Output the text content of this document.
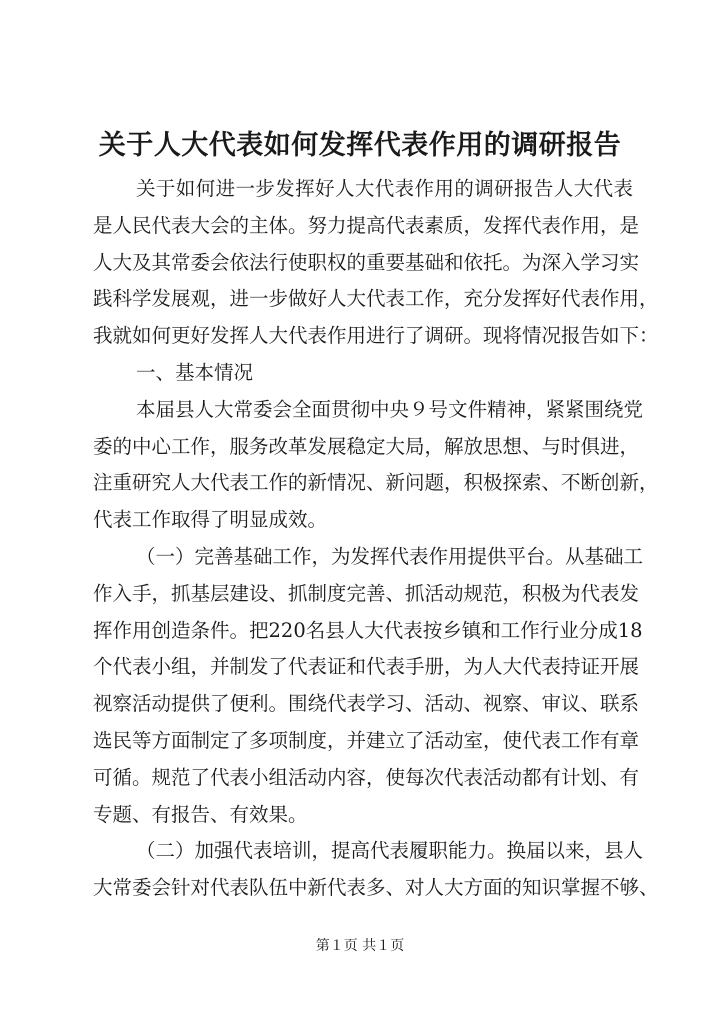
关于人大代表如何发挥代表作用的调研报告
关于如何进一步发挥好人大代表作用的调研报告人大代表
是人民代表大会的主体。努力提高代表素质，发挥代表作用，是
人大及其常委会依法行使职权的重要基础和依托。为深入学习实
践科学发展观，进一步做好人大代表工作，充分发挥好代表作用，
我就如何更好发挥人大代表作用进行了调研。现将情况报告如下：
一、基本情况
本届县人大常委会全面贯彻中央９号文件精神，紧紧围绕党
委的中心工作，服务改革发展稳定大局，解放思想、与时俱进，
注重研究人大代表工作的新情况、新问题，积极探索、不断创新，
代表工作取得了明显成效。
（一）完善基础工作，为发挥代表作用提供平台。从基础工
作入手，抓基层建设、抓制度完善、抓活动规范，积极为代表发
挥作用创造条件。把220名县人大代表按乡镇和工作行业分成18
个代表小组，并制发了代表证和代表手册，为人大代表持证开展
视察活动提供了便利。围绕代表学习、活动、视察、审议、联系
选民等方面制定了多项制度，并建立了活动室，使代表工作有章
可循。规范了代表小组活动内容，使每次代表活动都有计划、有
专题、有报告、有效果。
（二）加强代表培训，提高代表履职能力。换届以来，县人
大常委会针对代表队伍中新代表多、对人大方面的知识掌握不够、
第１页 共１页
